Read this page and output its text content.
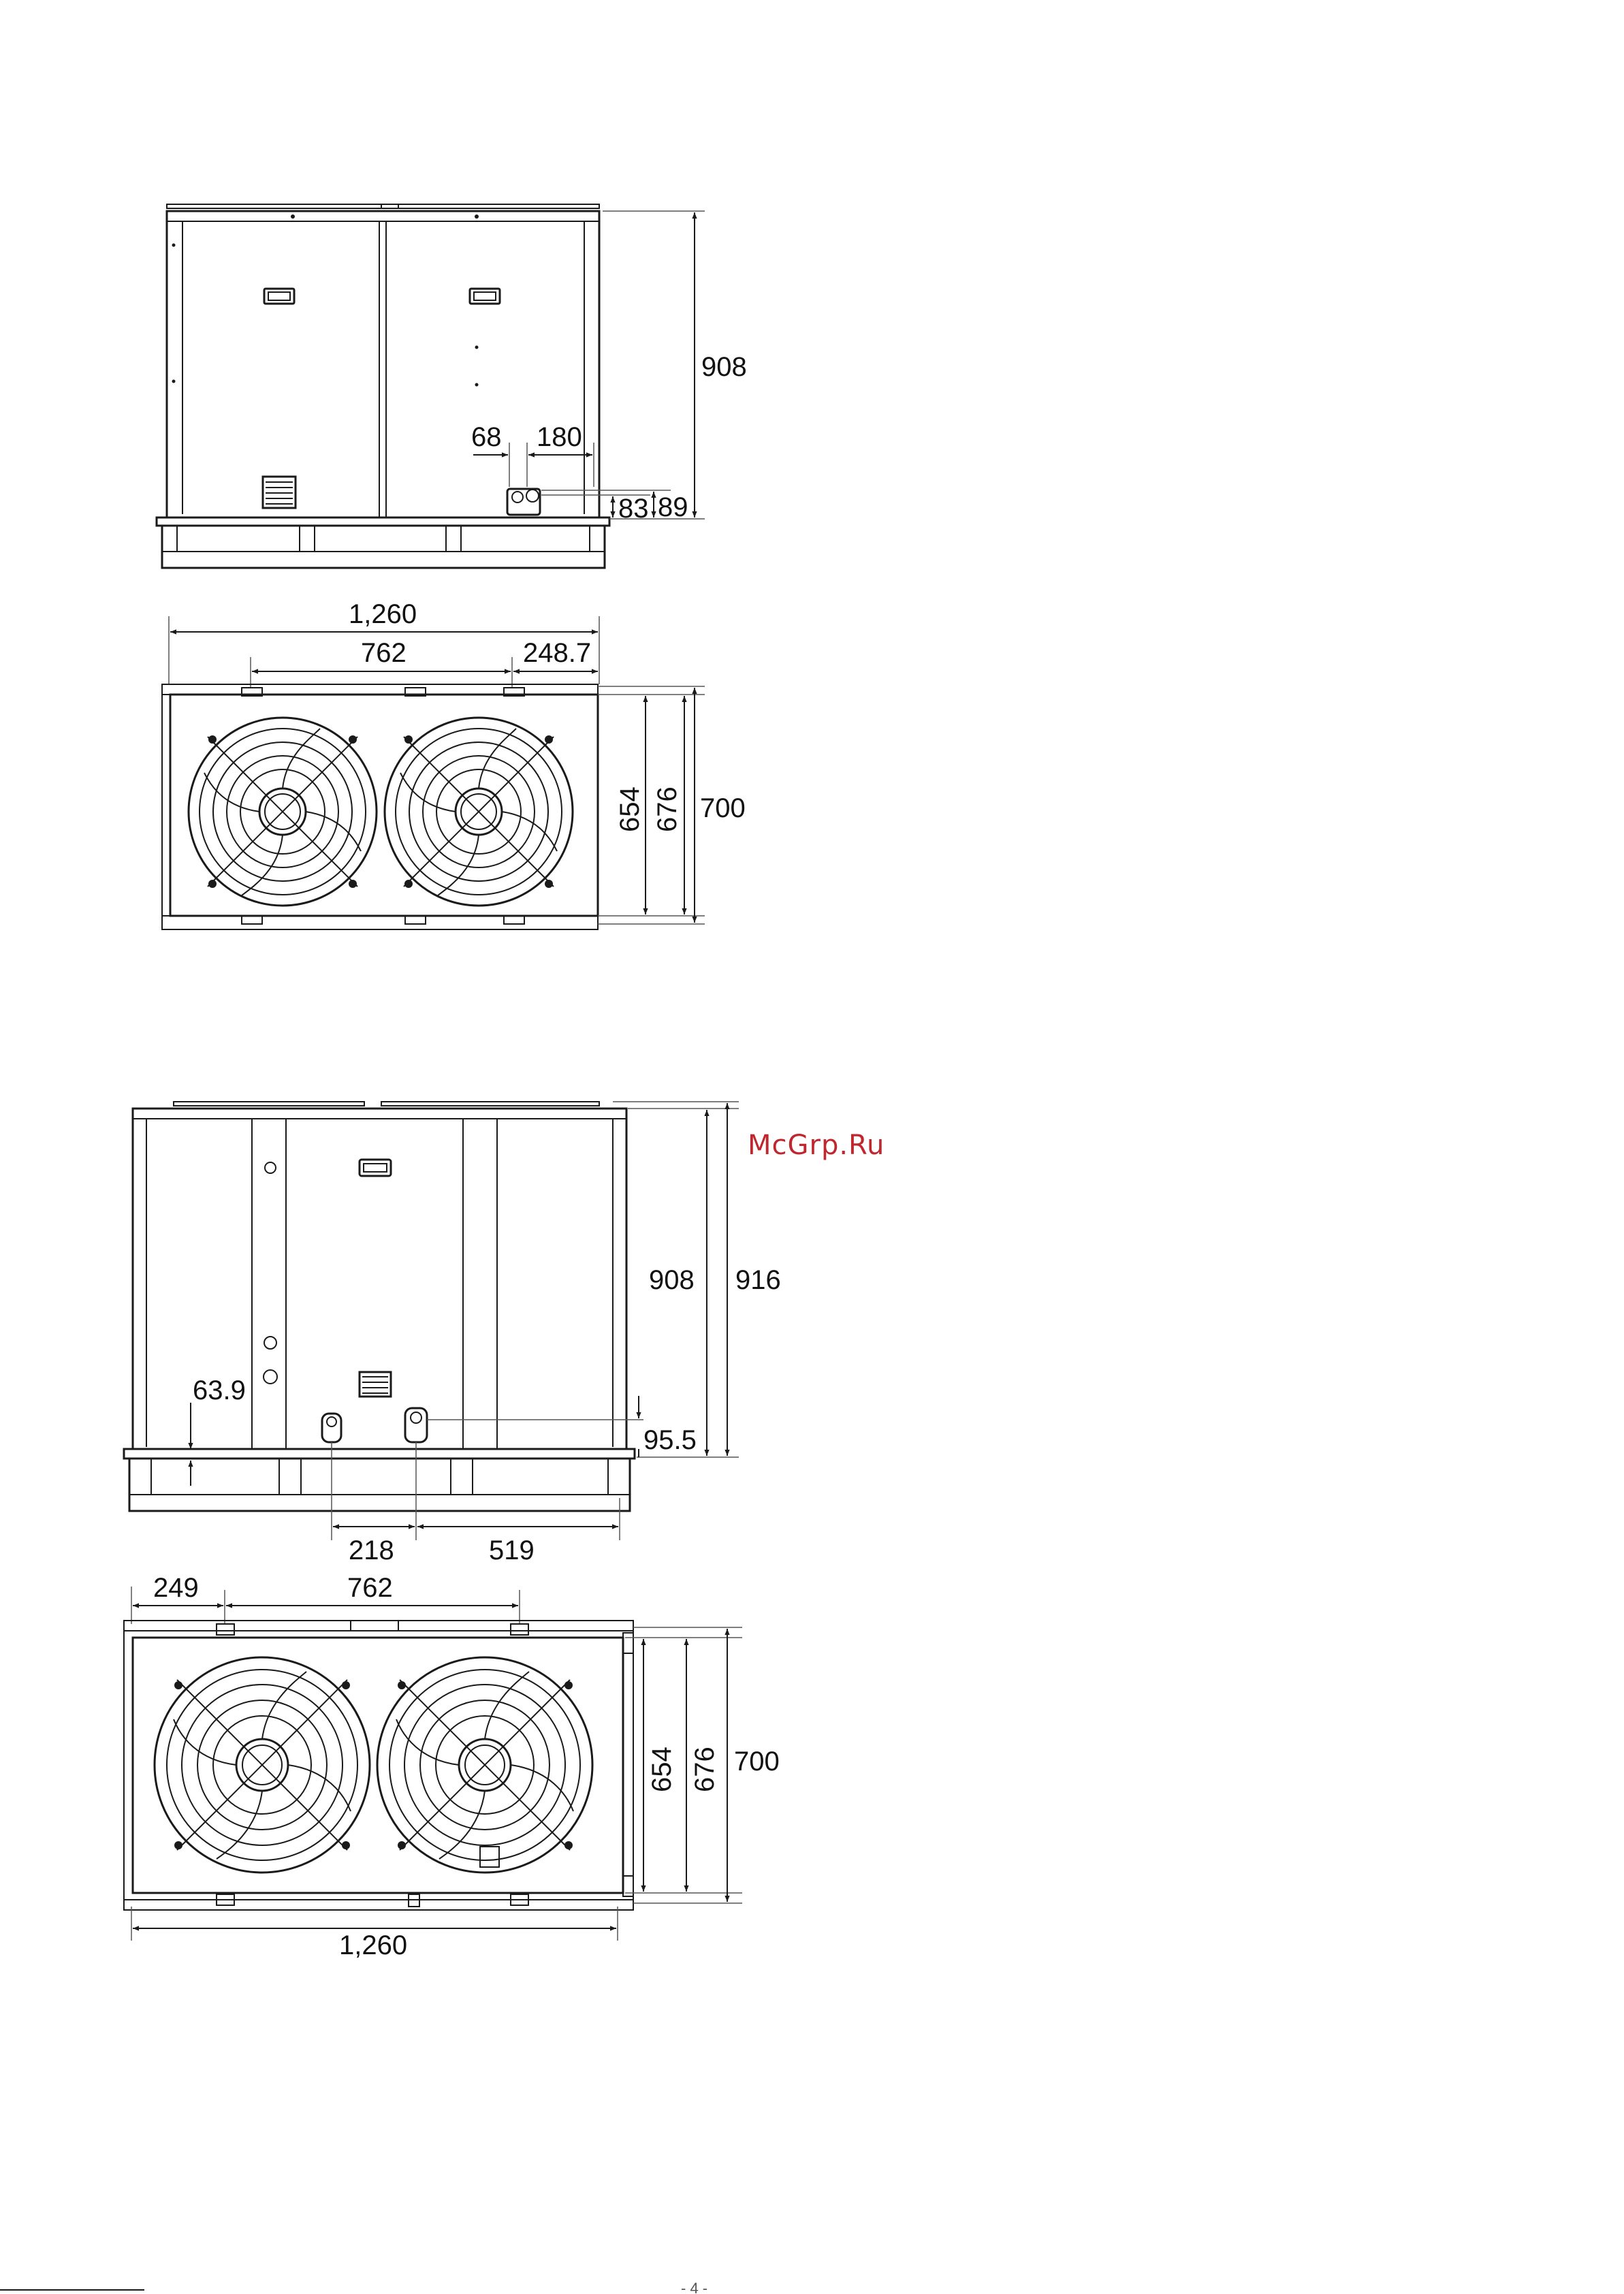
908
68 180
83 89
1,260
762	248.7
654 676 700
908 916
63.9
95.5
218	519
249	762
654 676 700
1,260
McGrp.Ru
- 4 -
